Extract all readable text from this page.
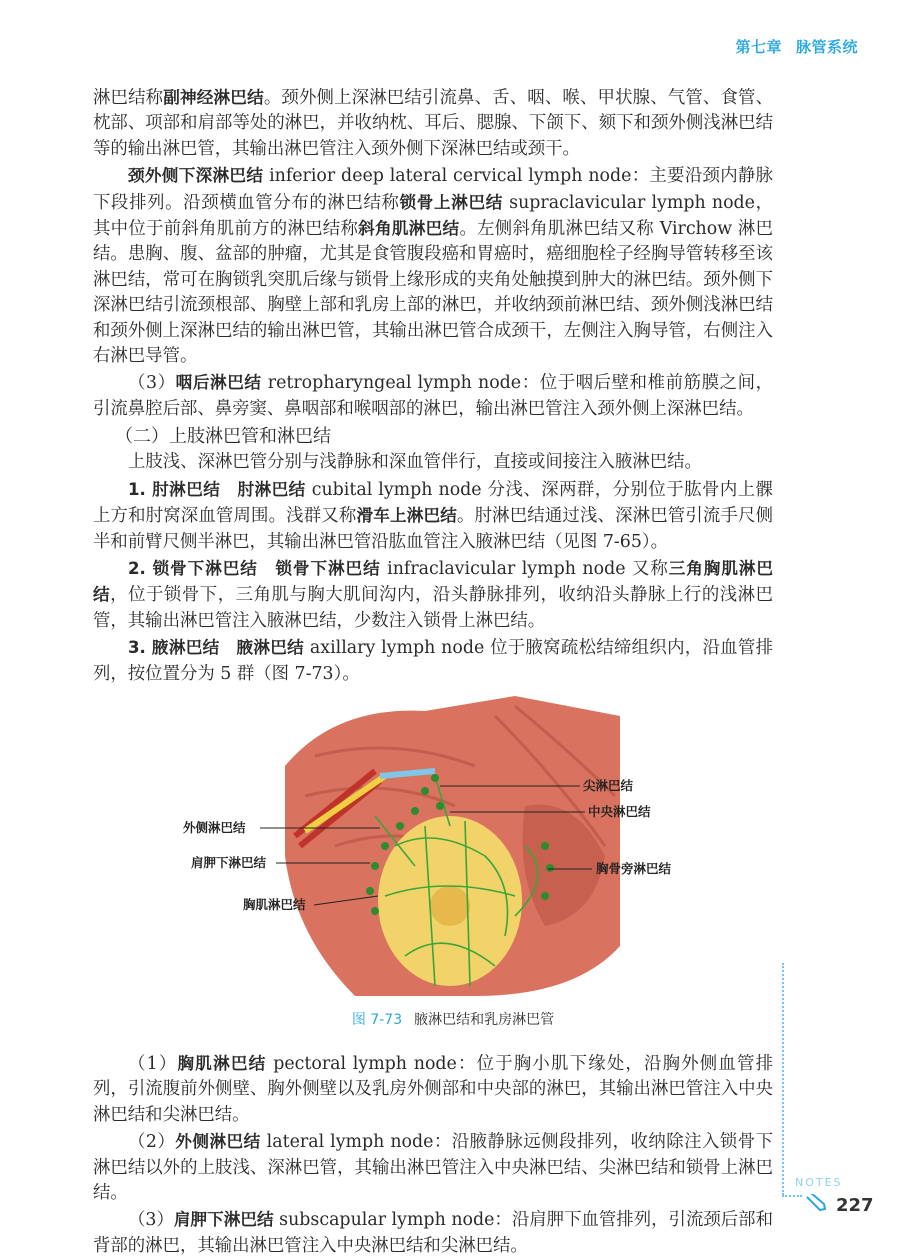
第七章 脉管系统

淋巴结称副神经淋巴结。颈外侧上深淋巴结引流鼻、舌、咽、喉、甲状腺、气管、食管、枕部、项部和肩部等处的淋巴，并收纳枕、耳后、腮腺、下颌下、颏下和颈外侧浅淋巴结等的输出淋巴管，其输出淋巴管注入颈外侧下深淋巴结或颈干。

颈外侧下深淋巴结 inferior deep lateral cervical lymph node：主要沿颈内静脉下段排列。沿颈横血管分布的淋巴结称锁骨上淋巴结 supraclavicular lymph node，其中位于前斜角肌前方的淋巴结称斜角肌淋巴结。左侧斜角肌淋巴结又称 Virchow 淋巴结。患胸、腹、盆部的肿瘤，尤其是食管腹段癌和胃癌时，癌细胞栓子经胸导管转移至该淋巴结，常可在胸锁乳突肌后缘与锁骨上缘形成的夹角处触摸到肿大的淋巴结。颈外侧下深淋巴结引流颈根部、胸壁上部和乳房上部的淋巴，并收纳颈前淋巴结、颈外侧浅淋巴结和颈外侧上深淋巴结的输出淋巴管，其输出淋巴管合成颈干，左侧注入胸导管，右侧注入右淋巴导管。

（3）咽后淋巴结 retropharyngeal lymph node：位于咽后壁和椎前筋膜之间，引流鼻腔后部、鼻旁窦、鼻咽部和喉咽部的淋巴，输出淋巴管注入颈外侧上深淋巴结。

（二）上肢淋巴管和淋巴结

上肢浅、深淋巴管分别与浅静脉和深血管伴行，直接或间接注入腋淋巴结。

1. 肘淋巴结　肘淋巴结 cubital lymph node 分浅、深两群，分别位于肱骨内上髁上方和肘窝深血管周围。浅群又称滑车上淋巴结。肘淋巴结通过浅、深淋巴管引流手尺侧半和前臂尺侧半淋巴，其输出淋巴管沿肱血管注入腋淋巴结（见图 7-65）。

2. 锁骨下淋巴结　锁骨下淋巴结 infraclavicular lymph node 又称三角胸肌淋巴结，位于锁骨下，三角肌与胸大肌间沟内，沿头静脉排列，收纳沿头静脉上行的浅淋巴管，其输出淋巴管注入腋淋巴结，少数注入锁骨上淋巴结。

3. 腋淋巴结　腋淋巴结 axillary lymph node 位于腋窝疏松结缔组织内，沿血管排列，按位置分为 5 群（图 7-73）。

尖淋巴结
中央淋巴结
外侧淋巴结
肩胛下淋巴结	胸骨旁淋巴结
胸肌淋巴结
图 7-73 腋淋巴结和乳房淋巴管

（1）胸肌淋巴结 pectoral lymph node：位于胸小肌下缘处，沿胸外侧血管排列，引流腹前外侧壁、胸外侧壁以及乳房外侧部和中央部的淋巴，其输出淋巴管注入中央淋巴结和尖淋巴结。

（2）外侧淋巴结 lateral lymph node：沿腋静脉远侧段排列，收纳除注入锁骨下淋巴结以外的上肢浅、深淋巴管，其输出淋巴管注入中央淋巴结、尖淋巴结和锁骨上淋巴结。

（3）肩胛下淋巴结 subscapular lymph node：沿肩胛下血管排列，引流颈后部和背部的淋巴，其输出淋巴管注入中央淋巴结和尖淋巴结。

NOTES
227
